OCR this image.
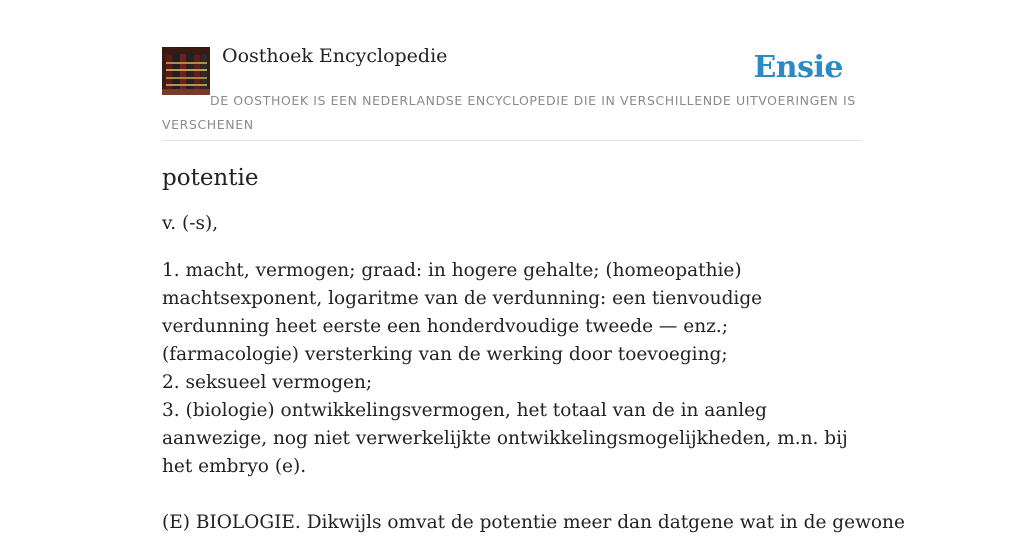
Oosthoek Encyclopedie	Ensie
DE OOSTHOEK IS EEN NEDERLANDSE ENCYCLOPEDIE DIE IN VERSCHILLENDE UITVOERINGEN IS VERSCHENEN
potentie

v. (-s),

1. macht, vermogen; graad: in hogere gehalte; (homeopathie) machtsexponent, logaritme van de verdunning: een tienvoudige verdunning heet eerste een honderdvoudige tweede — enz.; (farmacologie) versterking van de werking door toevoeging;
2. seksueel vermogen;
3. (biologie) ontwikkelingsvermogen, het totaal van de in aanleg aanwezige, nog niet verwerkelijkte ontwikkelingsmogelijkheden, m.n. bij het embryo (e).

(E) BIOLOGIE. Dikwijls omvat de potentie meer dan datgene wat in de gewone
